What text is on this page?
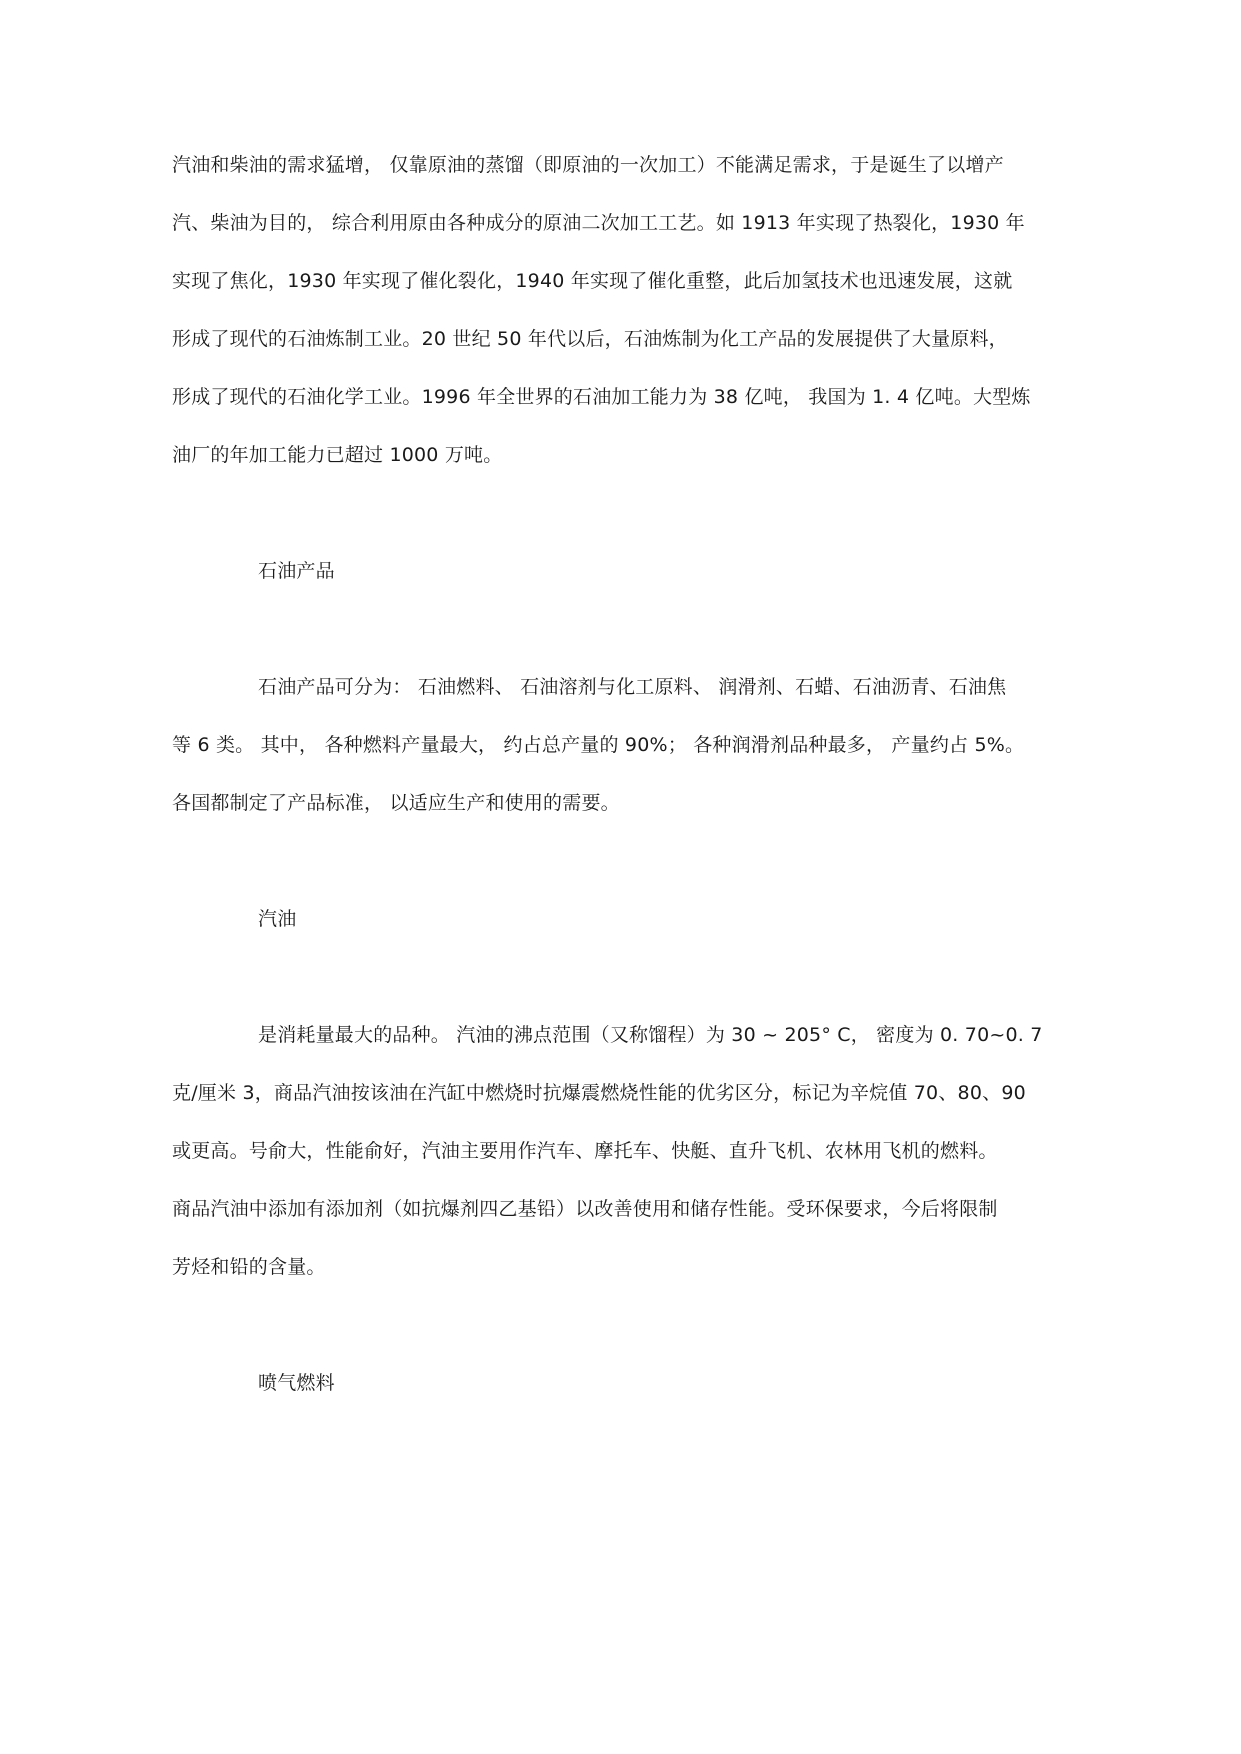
汽油和柴油的需求猛增， 仅靠原油的蒸馏（即原油的一次加工）不能满足需求，于是诞生了以增产
汽、柴油为目的， 综合利用原由各种成分的原油二次加工工艺。如 1913 年实现了热裂化，1930 年
实现了焦化，1930 年实现了催化裂化，1940 年实现了催化重整，此后加氢技术也迅速发展，这就
形成了现代的石油炼制工业。20 世纪 50 年代以后，石油炼制为化工产品的发展提供了大量原料，
形成了现代的石油化学工业。1996 年全世界的石油加工能力为 38 亿吨， 我国为 1. 4 亿吨。大型炼
油厂的年加工能力已超过 1000 万吨。
石油产品
石油产品可分为： 石油燃料、 石油溶剂与化工原料、 润滑剂、石蜡、石油沥青、石油焦
等 6 类。 其中， 各种燃料产量最大， 约占总产量的 90%； 各种润滑剂品种最多， 产量约占 5%。
各国都制定了产品标准， 以适应生产和使用的需要。
汽油
是消耗量最大的品种。 汽油的沸点范围（又称馏程）为 30 ~ 205° C， 密度为 0. 70~0. 7
克/厘米 3，商品汽油按该油在汽缸中燃烧时抗爆震燃烧性能的优劣区分，标记为辛烷值 70、80、90
或更高。号俞大，性能俞好，汽油主要用作汽车、摩托车、快艇、直升飞机、农林用飞机的燃料。
商品汽油中添加有添加剂（如抗爆剂四乙基铅）以改善使用和储存性能。受环保要求，今后将限制
芳烃和铅的含量。
喷气燃料
